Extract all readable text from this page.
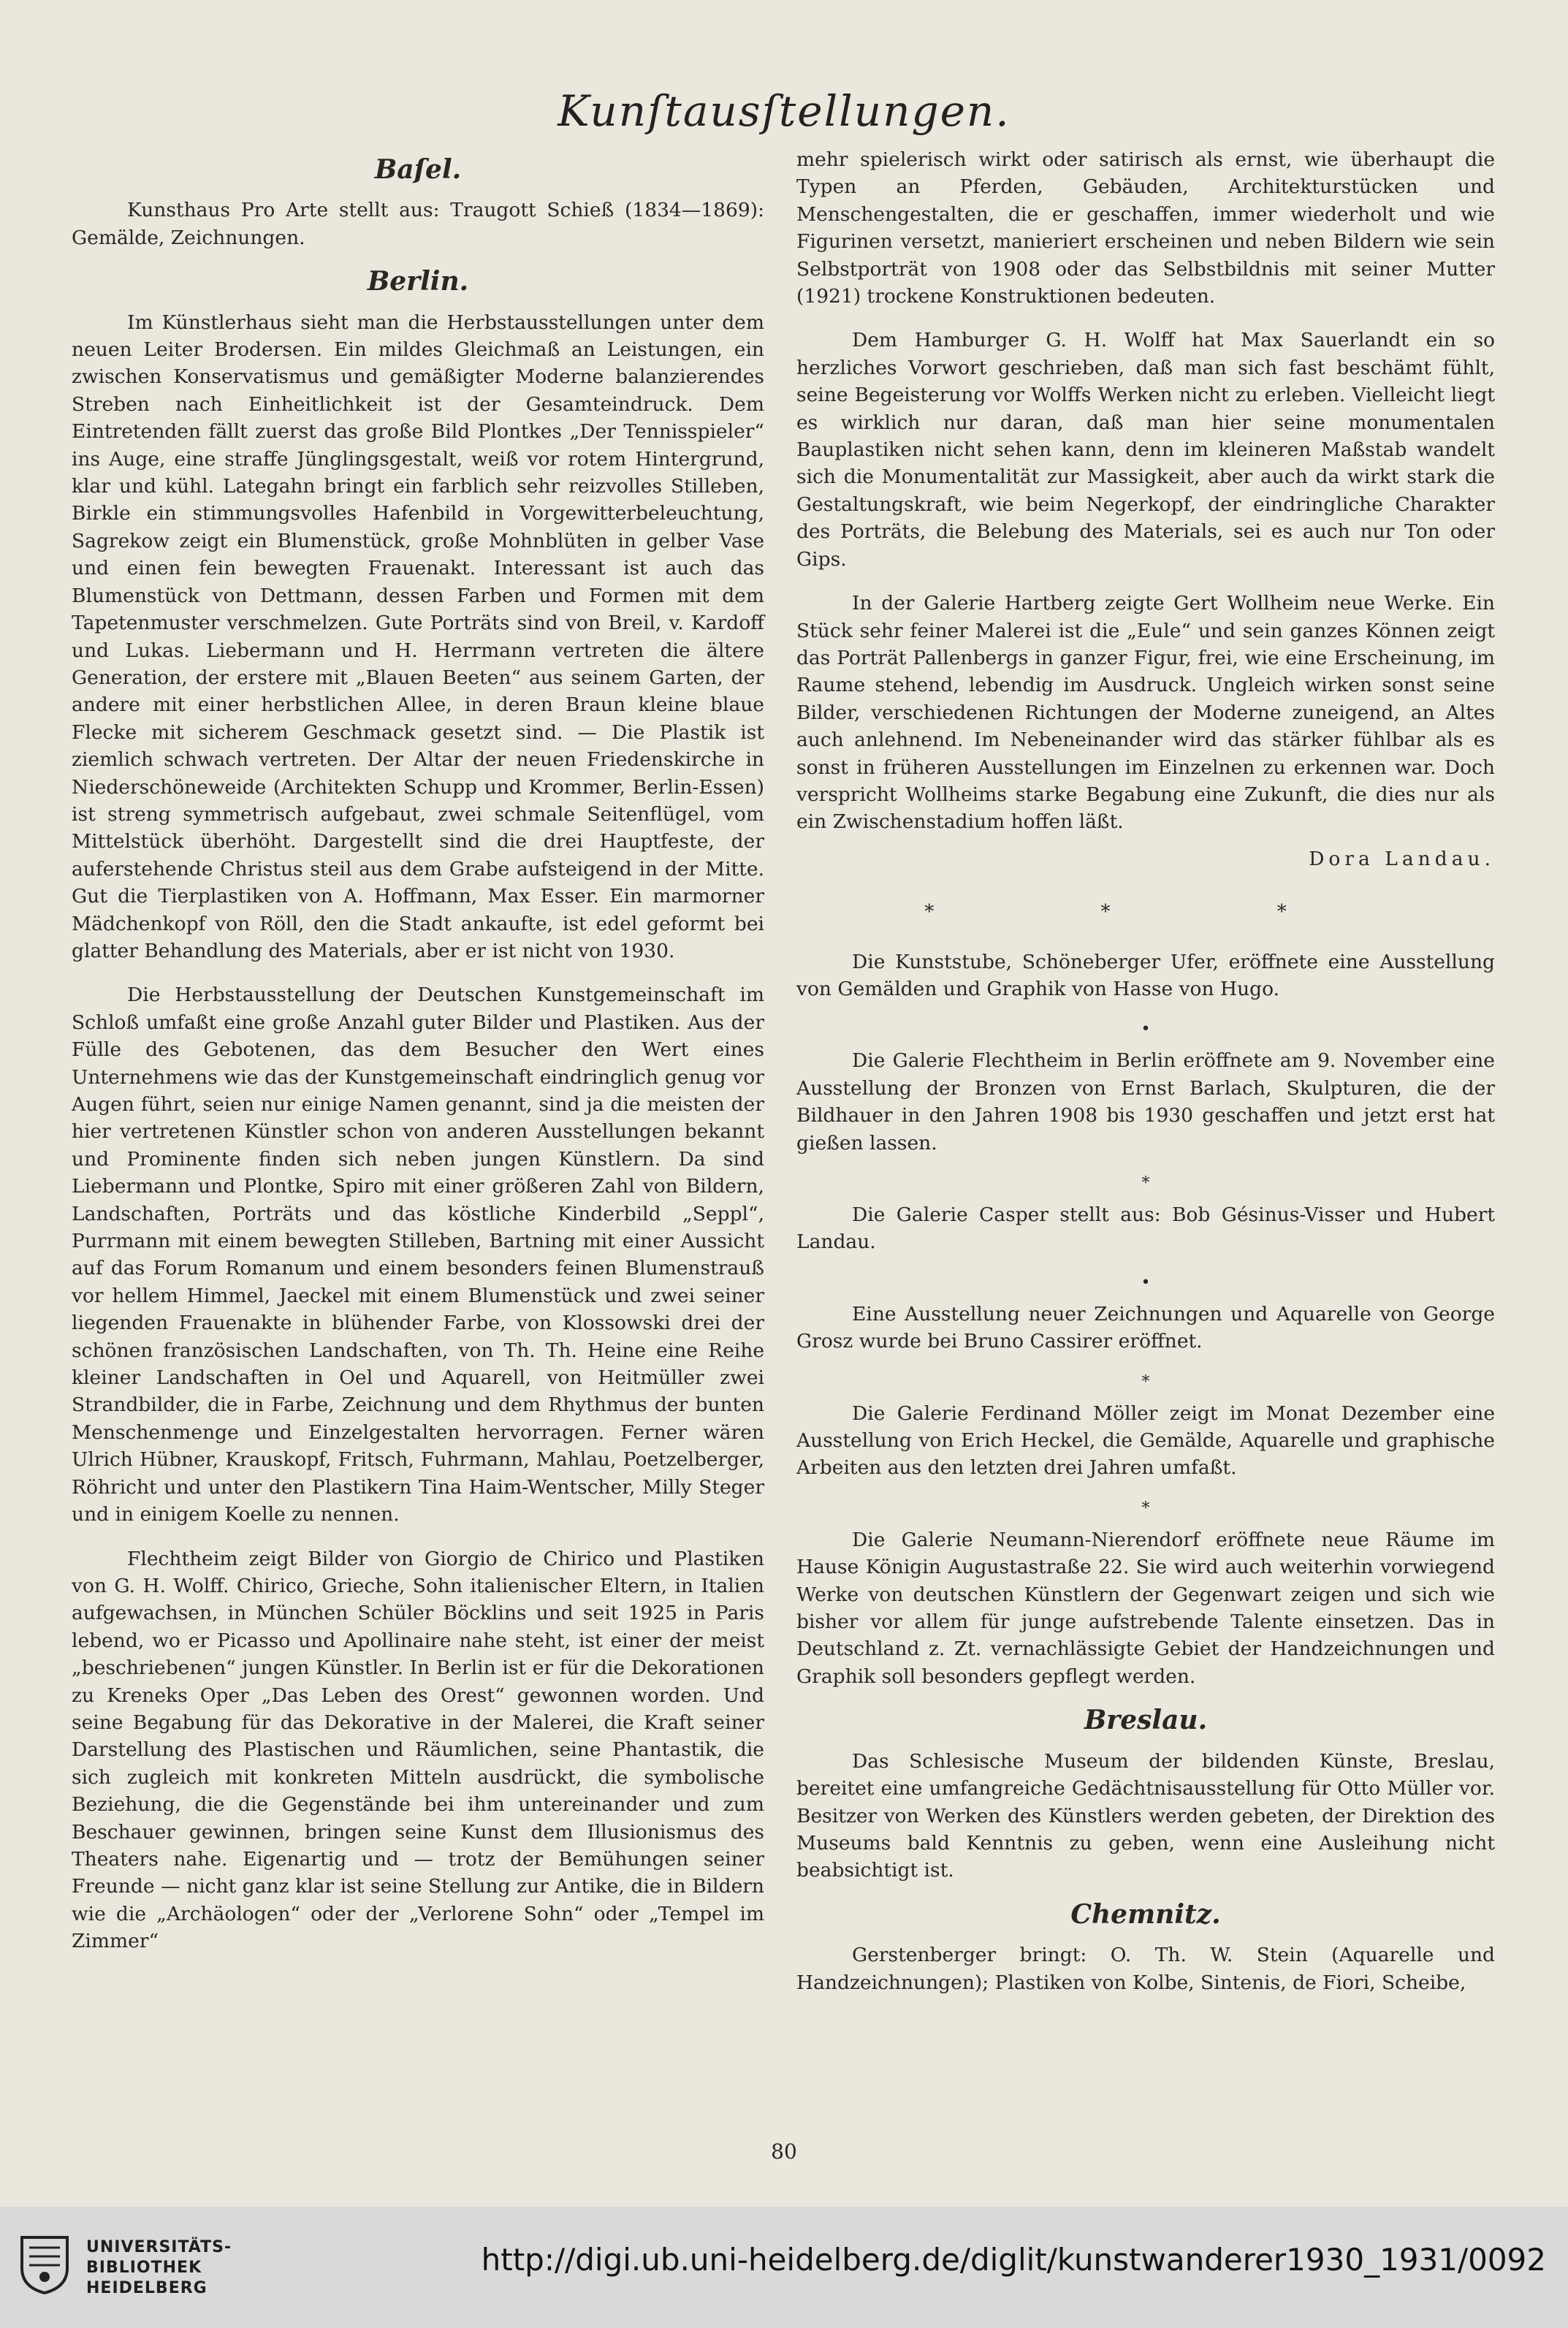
Kunſtausſtellungen.
Baſel.

Kunsthaus Pro Arte stellt aus: Traugott Schieß (1834—1869): Gemälde, Zeichnungen.

Berlin.

Im Künstlerhaus sieht man die Herbstausstellungen unter dem neuen Leiter Brodersen. Ein mildes Gleichmaß an Leistungen, ein zwischen Konservatismus und gemäßigter Moderne balanzierendes Streben nach Einheitlichkeit ist der Gesamteindruck. Dem Eintretenden fällt zuerst das große Bild Plontkes „Der Tennisspieler“ ins Auge, eine straffe Jünglingsgestalt, weiß vor rotem Hintergrund, klar und kühl. Lategahn bringt ein farblich sehr reizvolles Stilleben, Birkle ein stimmungsvolles Hafenbild in Vorgewitterbeleuchtung, Sagrekow zeigt ein Blumenstück, große Mohnblüten in gelber Vase und einen fein bewegten Frauenakt. Interessant ist auch das Blumenstück von Dettmann, dessen Farben und Formen mit dem Tapetenmuster verschmelzen. Gute Porträts sind von Breil, v. Kardoff und Lukas. Liebermann und H. Herrmann vertreten die ältere Generation, der erstere mit „Blauen Beeten“ aus seinem Garten, der andere mit einer herbstlichen Allee, in deren Braun kleine blaue Flecke mit sicherem Geschmack gesetzt sind. — Die Plastik ist ziemlich schwach vertreten. Der Altar der neuen Friedenskirche in Niederschöneweide (Architekten Schupp und Krommer, Berlin-Essen) ist streng symmetrisch aufgebaut, zwei schmale Seitenflügel, vom Mittelstück überhöht. Dargestellt sind die drei Hauptfeste, der auferstehende Christus steil aus dem Grabe aufsteigend in der Mitte. Gut die Tierplastiken von A. Hoffmann, Max Esser. Ein marmorner Mädchenkopf von Röll, den die Stadt ankaufte, ist edel geformt bei glatter Behandlung des Materials, aber er ist nicht von 1930.

Die Herbstausstellung der Deutschen Kunstgemeinschaft im Schloß umfaßt eine große Anzahl guter Bilder und Plastiken. Aus der Fülle des Gebotenen, das dem Besucher den Wert eines Unternehmens wie das der Kunstgemeinschaft eindringlich genug vor Augen führt, seien nur einige Namen genannt, sind ja die meisten der hier vertretenen Künstler schon von anderen Ausstellungen bekannt und Prominente finden sich neben jungen Künstlern. Da sind Liebermann und Plontke, Spiro mit einer größeren Zahl von Bildern, Landschaften, Porträts und das köstliche Kinderbild „Seppl“, Purrmann mit einem bewegten Stilleben, Bartning mit einer Aussicht auf das Forum Romanum und einem besonders feinen Blumenstrauß vor hellem Himmel, Jaeckel mit einem Blumenstück und zwei seiner liegenden Frauenakte in blühender Farbe, von Klossowski drei der schönen französischen Landschaften, von Th. Th. Heine eine Reihe kleiner Landschaften in Oel und Aquarell, von Heitmüller zwei Strandbilder, die in Farbe, Zeichnung und dem Rhythmus der bunten Menschenmenge und Einzelgestalten hervorragen. Ferner wären Ulrich Hübner, Krauskopf, Fritsch, Fuhrmann, Mahlau, Poetzelberger, Röhricht und unter den Plastikern Tina Haim-Wentscher, Milly Steger und in einigem Koelle zu nennen.

Flechtheim zeigt Bilder von Giorgio de Chirico und Plastiken von G. H. Wolff. Chirico, Grieche, Sohn italienischer Eltern, in Italien aufgewachsen, in München Schüler Böcklins und seit 1925 in Paris lebend, wo er Picasso und Apollinaire nahe steht, ist einer der meist „beschriebenen“ jungen Künstler. In Berlin ist er für die Dekorationen zu Kreneks Oper „Das Leben des Orest“ gewonnen worden. Und seine Begabung für das Dekorative in der Malerei, die Kraft seiner Darstellung des Plastischen und Räumlichen, seine Phantastik, die sich zugleich mit konkreten Mitteln ausdrückt, die symbolische Beziehung, die die Gegenstände bei ihm untereinander und zum Beschauer gewinnen, bringen seine Kunst dem Illusionismus des Theaters nahe. Eigenartig und — trotz der Bemühungen seiner Freunde — nicht ganz klar ist seine Stellung zur Antike, die in Bildern wie die „Archäologen“ oder der „Verlorene Sohn“ oder „Tempel im Zimmer“

mehr spielerisch wirkt oder satirisch als ernst, wie überhaupt die Typen an Pferden, Gebäuden, Architekturstücken und Menschengestalten, die er geschaffen, immer wiederholt und wie Figurinen versetzt, manieriert erscheinen und neben Bildern wie sein Selbstporträt von 1908 oder das Selbstbildnis mit seiner Mutter (1921) trockene Konstruktionen bedeuten.

Dem Hamburger G. H. Wolff hat Max Sauerlandt ein so herzliches Vorwort geschrieben, daß man sich fast beschämt fühlt, seine Begeisterung vor Wolffs Werken nicht zu erleben. Vielleicht liegt es wirklich nur daran, daß man hier seine monumentalen Bauplastiken nicht sehen kann, denn im kleineren Maßstab wandelt sich die Monumentalität zur Massigkeit, aber auch da wirkt stark die Gestaltungskraft, wie beim Negerkopf, der eindringliche Charakter des Porträts, die Belebung des Materials, sei es auch nur Ton oder Gips.

In der Galerie Hartberg zeigte Gert Wollheim neue Werke. Ein Stück sehr feiner Malerei ist die „Eule“ und sein ganzes Können zeigt das Porträt Pallenbergs in ganzer Figur, frei, wie eine Erscheinung, im Raume stehend, lebendig im Ausdruck. Ungleich wirken sonst seine Bilder, verschiedenen Richtungen der Moderne zuneigend, an Altes auch anlehnend. Im Nebeneinander wird das stärker fühlbar als es sonst in früheren Ausstellungen im Einzelnen zu erkennen war. Doch verspricht Wollheims starke Begabung eine Zukunft, die dies nur als ein Zwischenstadium hoffen läßt.

Dora Landau.
* * *

Die Kunststube, Schöneberger Ufer, eröffnete eine Ausstellung von Gemälden und Graphik von Hasse von Hugo.

•

Die Galerie Flechtheim in Berlin eröffnete am 9. November eine Ausstellung der Bronzen von Ernst Barlach, Skulpturen, die der Bildhauer in den Jahren 1908 bis 1930 geschaffen und jetzt erst hat gießen lassen.

*

Die Galerie Casper stellt aus: Bob Gésinus-Visser und Hubert Landau.

•

Eine Ausstellung neuer Zeichnungen und Aquarelle von George Grosz wurde bei Bruno Cassirer eröffnet.

*

Die Galerie Ferdinand Möller zeigt im Monat Dezember eine Ausstellung von Erich Heckel, die Gemälde, Aquarelle und graphische Arbeiten aus den letzten drei Jahren umfaßt.

*

Die Galerie Neumann-Nierendorf eröffnete neue Räume im Hause Königin Augustastraße 22. Sie wird auch weiterhin vorwiegend Werke von deutschen Künstlern der Gegenwart zeigen und sich wie bisher vor allem für junge aufstrebende Talente einsetzen. Das in Deutschland z. Zt. vernachlässigte Gebiet der Handzeichnungen und Graphik soll besonders gepflegt werden.

Breslau.

Das Schlesische Museum der bildenden Künste, Breslau, bereitet eine umfangreiche Gedächtnisausstellung für Otto Müller vor. Besitzer von Werken des Künstlers werden gebeten, der Direktion des Museums bald Kenntnis zu geben, wenn eine Ausleihung nicht beabsichtigt ist.

Chemnitz.

Gerstenberger bringt: O. Th. W. Stein (Aquarelle und Handzeichnungen); Plastiken von Kolbe, Sintenis, de Fiori, Scheibe,

80
UNIVERSITÄTS-
BIBLIOTHEK
HEIDELBERG
http://digi.ub.uni-heidelberg.de/diglit/kunstwanderer1930_1931/0092
